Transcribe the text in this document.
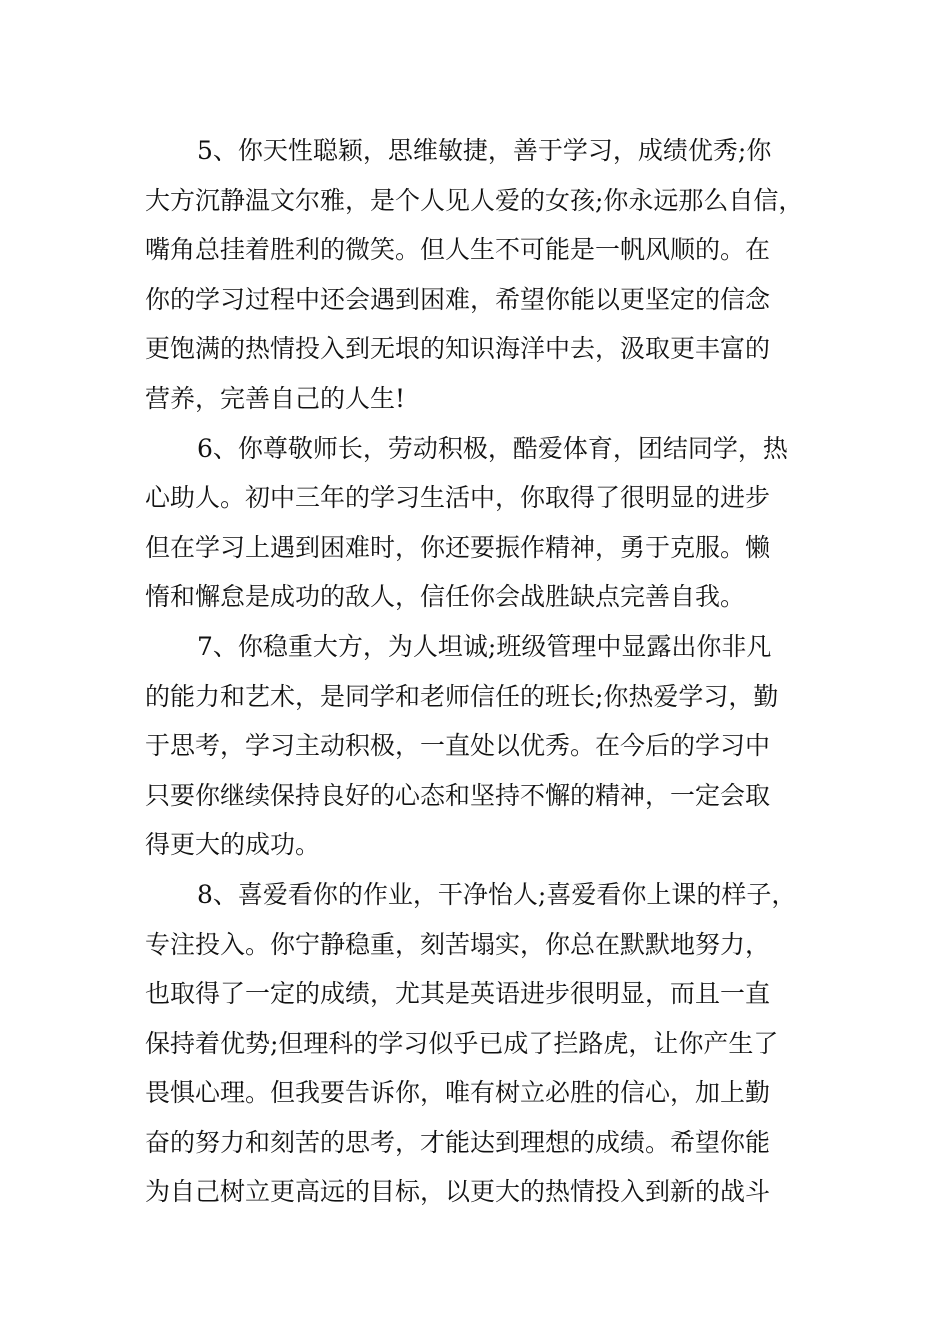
5、你天性聪颖，思维敏捷，善于学习，成绩优秀;你
大方沉静温文尔雅，是个人见人爱的女孩;你永远那么自信，
嘴角总挂着胜利的微笑。但人生不可能是一帆风顺的。在
你的学习过程中还会遇到困难，希望你能以更坚定的信念
更饱满的热情投入到无垠的知识海洋中去，汲取更丰富的
营养，完善自己的人生!
6、你尊敬师长，劳动积极，酷爱体育，团结同学，热
心助人。初中三年的学习生活中，你取得了很明显的进步
但在学习上遇到困难时，你还要振作精神，勇于克服。懒
惰和懈怠是成功的敌人，信任你会战胜缺点完善自我。
7、你稳重大方，为人坦诚;班级管理中显露出你非凡
的能力和艺术，是同学和老师信任的班长;你热爱学习，勤
于思考，学习主动积极，一直处以优秀。在今后的学习中
只要你继续保持良好的心态和坚持不懈的精神，一定会取
得更大的成功。
8、喜爱看你的作业，干净怡人;喜爱看你上课的样子，
专注投入。你宁静稳重，刻苦塌实，你总在默默地努力，
也取得了一定的成绩，尤其是英语进步很明显，而且一直
保持着优势;但理科的学习似乎已成了拦路虎，让你产生了
畏惧心理。但我要告诉你，唯有树立必胜的信心，加上勤
奋的努力和刻苦的思考，才能达到理想的成绩。希望你能
为自己树立更高远的目标，以更大的热情投入到新的战斗
